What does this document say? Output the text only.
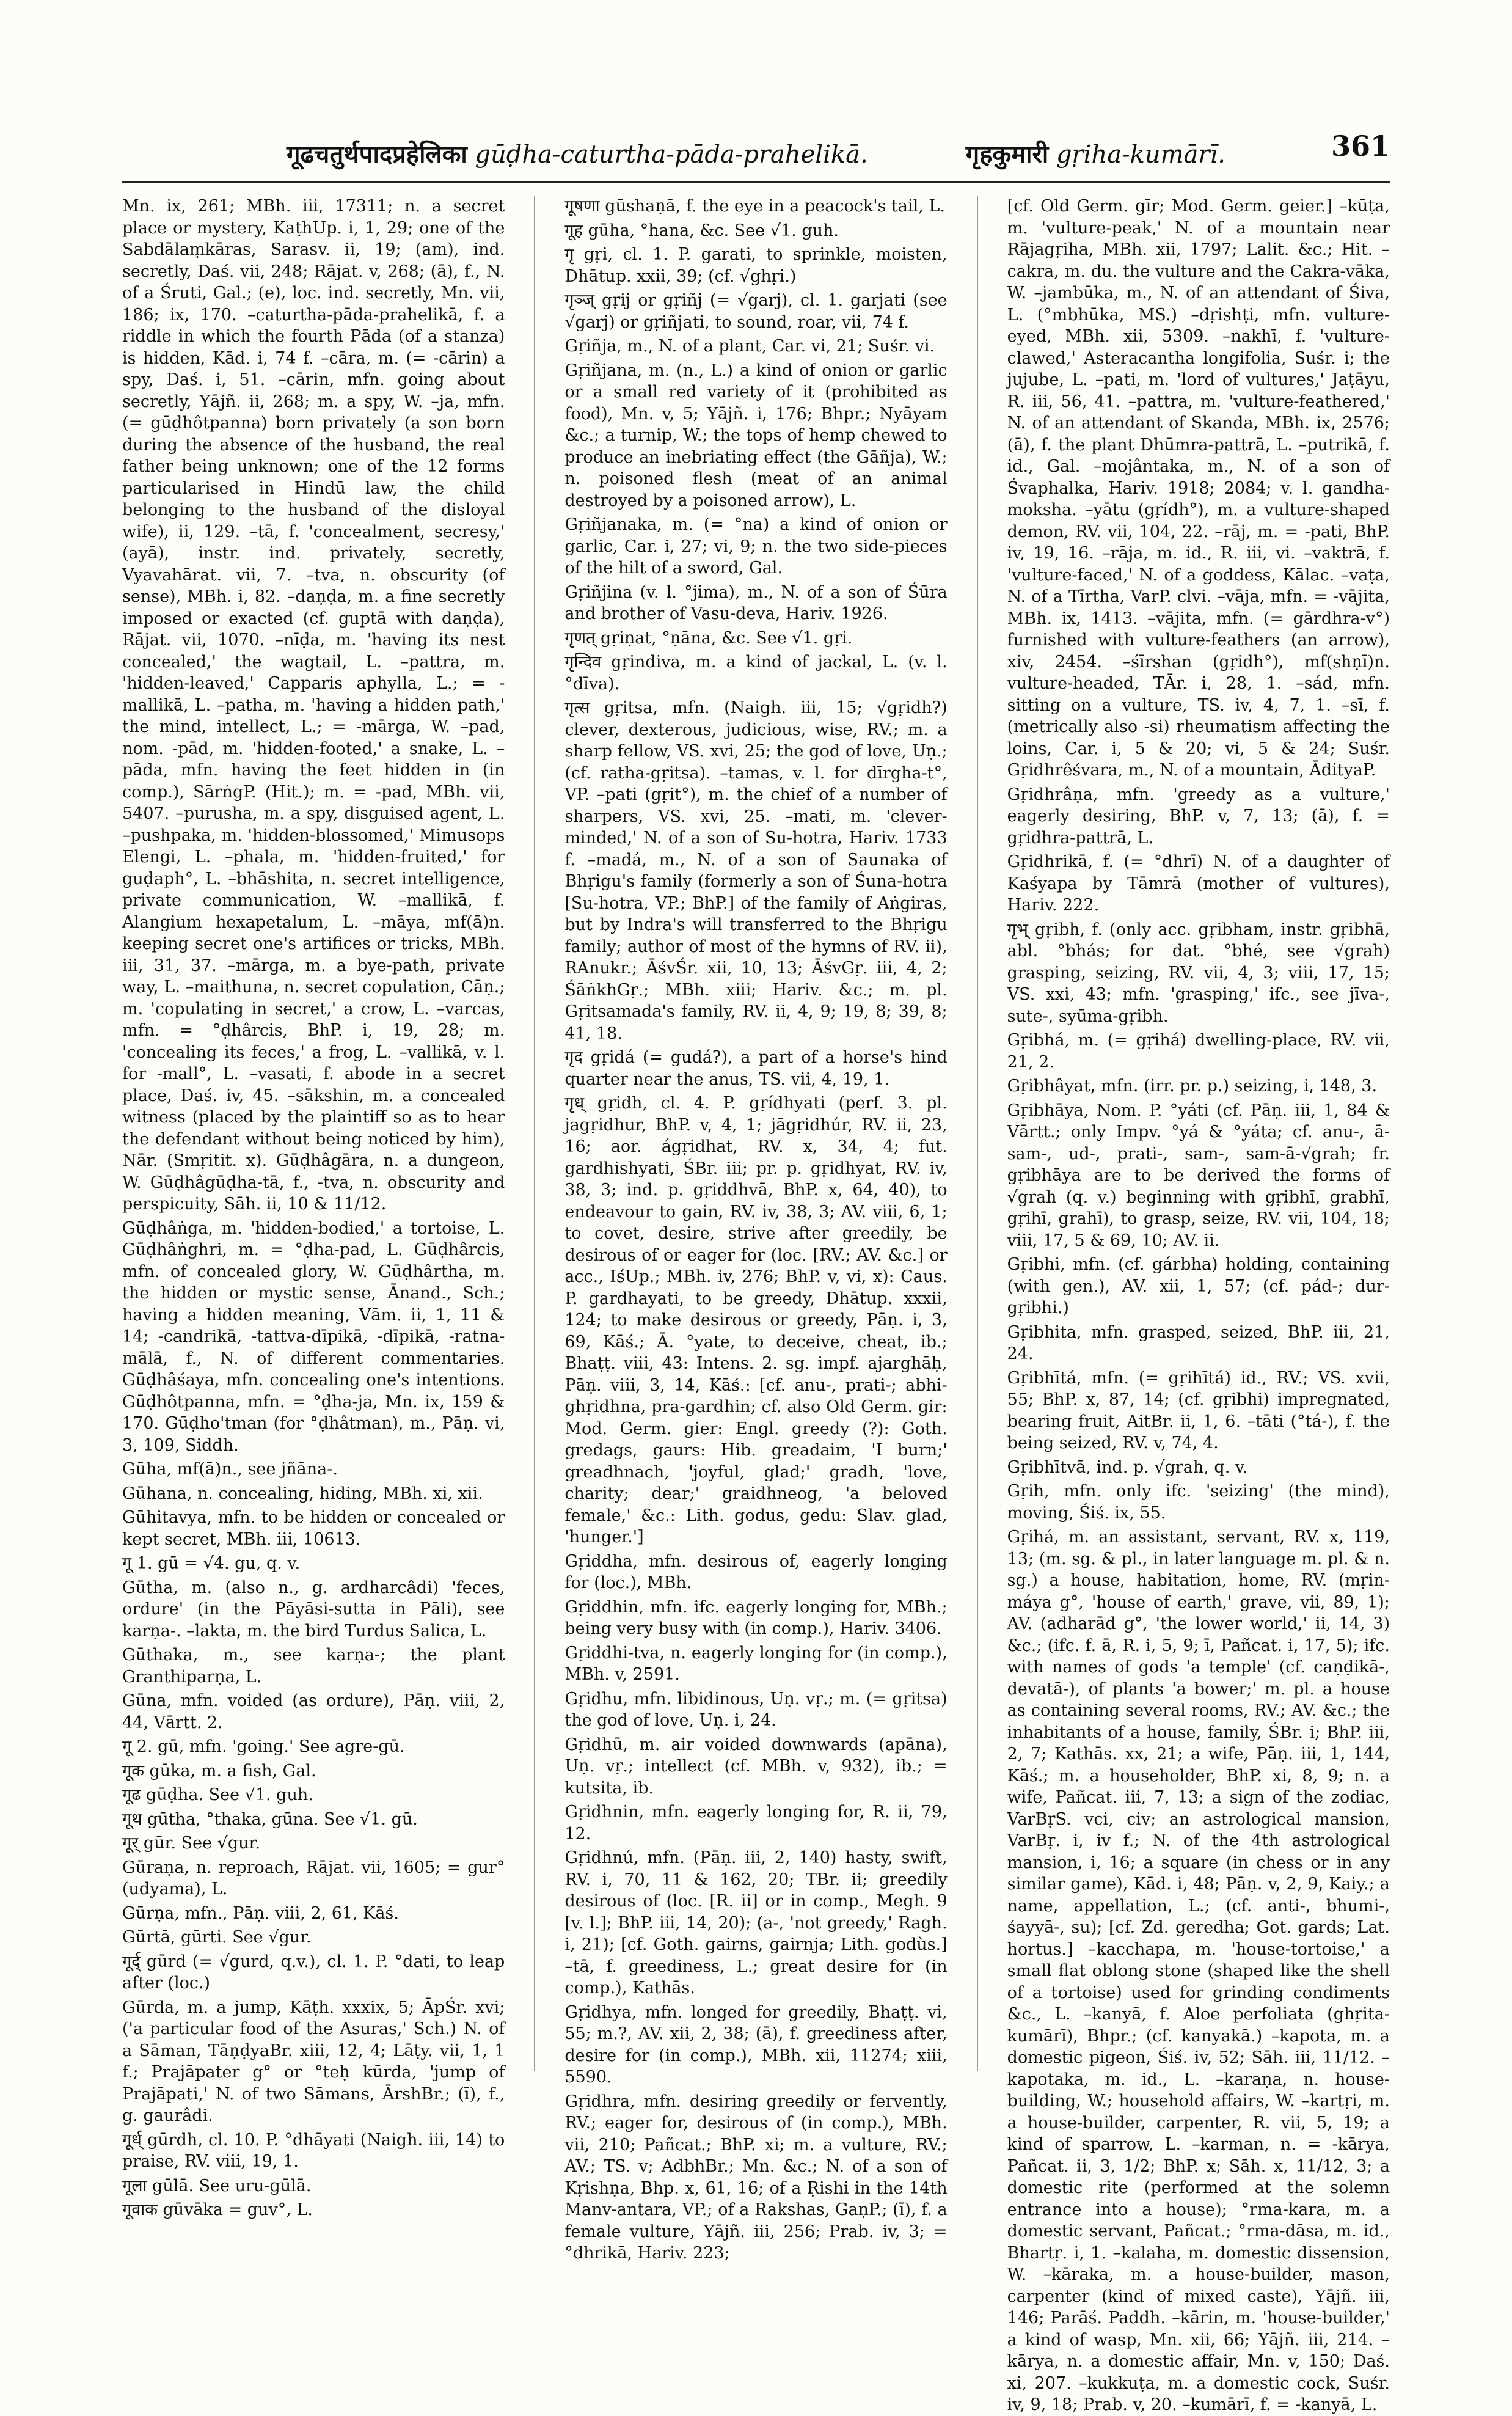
गूढचतुर्थपादप्रहेलिका gūḍha-caturtha-pāda-prahelikā.	गृहकुमारी gṛiha-kumārī.	361

Mn. ix, 261; MBh. iii, 17311; n. a secret place or mystery, KaṭhUp. i, 1, 29; one of the Sabdālaṃkāras, Sarasv. ii, 19; (am), ind. secretly, Daś. vii, 248; Rājat. v, 268; (ā), f., N. of a Śruti, Gal.; (e), loc. ind. secretly, Mn. vii, 186; ix, 170. –caturtha-pāda-prahelikā, f. a riddle in which the fourth Pāda (of a stanza) is hidden, Kād. i, 74 f. –cāra, m. (= -cārin) a spy, Daś. i, 51. –cārin, mfn. going about secretly, Yājñ. ii, 268; m. a spy, W. –ja, mfn. (= gūḍhôtpanna) born privately (a son born during the absence of the husband, the real father being unknown; one of the 12 forms particularised in Hindū law, the child belonging to the husband of the disloyal wife), ii, 129. –tā, f. 'concealment, secresy,' (ayā), instr. ind. privately, secretly, Vyavahārat. vii, 7. –tva, n. obscurity (of sense), MBh. i, 82. –daṇḍa, m. a fine secretly imposed or exacted (cf. guptā with daṇḍa), Rājat. vii, 1070. –nīḍa, m. 'having its nest concealed,' the wagtail, L. –pattra, m. 'hidden-leaved,' Capparis aphylla, L.; = -mallikā, L. –patha, m. 'having a hidden path,' the mind, intellect, L.; = -mārga, W. –pad, nom. -pād, m. 'hidden-footed,' a snake, L. –pāda, mfn. having the feet hidden in (in comp.), SārṅgP. (Hit.); m. = -pad, MBh. vii, 5407. –purusha, m. a spy, disguised agent, L. –pushpaka, m. 'hidden-blossomed,' Mimusops Elengi, L. –phala, m. 'hidden-fruited,' for guḍaph°, L. –bhāshita, n. secret intelligence, private communication, W. –mallikā, f. Alangium hexapetalum, L. –māya, mf(ā)n. keeping secret one's artifices or tricks, MBh. iii, 31, 37. –mārga, m. a bye-path, private way, L. –maithuna, n. secret copulation, Cāṇ.; m. 'copulating in secret,' a crow, L. –varcas, mfn. = °ḍhârcis, BhP. i, 19, 28; m. 'concealing its feces,' a frog, L. –vallikā, v. l. for -mall°, L. –vasati, f. abode in a secret place, Daś. iv, 45. –sākshin, m. a concealed witness (placed by the plaintiff so as to hear the defendant without being noticed by him), Nār. (Smṛitit. x). Gūḍhâgāra, n. a dungeon, W. Gūḍhâgūḍha-tā, f., -tva, n. obscurity and perspicuity, Sāh. ii, 10 & 11/12.

Gūḍhâṅga, m. 'hidden-bodied,' a tortoise, L. Gūḍhâṅghri, m. = °ḍha-pad, L. Gūḍhârcis, mfn. of concealed glory, W. Gūḍhârtha, m. the hidden or mystic sense, Ānand., Sch.; having a hidden meaning, Vām. ii, 1, 11 & 14; -candrikā, -tattva-dīpikā, -dīpikā, -ratna-mālā, f., N. of different commentaries. Gūḍhâśaya, mfn. concealing one's intentions. Gūḍhôtpanna, mfn. = °ḍha-ja, Mn. ix, 159 & 170. Gūḍho'tman (for °ḍhâtman), m., Pāṇ. vi, 3, 109, Siddh.

Gūha, mf(ā)n., see jñāna-.

Gūhana, n. concealing, hiding, MBh. xi, xii.

Gūhitavya, mfn. to be hidden or concealed or kept secret, MBh. iii, 10613.

गू 1. gū = √4. gu, q. v.

Gūtha, m. (also n., g. ardharcâdi) 'feces, ordure' (in the Pāyāsi-sutta in Pāli), see karṇa-. –lakta, m. the bird Turdus Salica, L.

Gūthaka, m., see karṇa-; the plant Granthiparṇa, L.

Gūna, mfn. voided (as ordure), Pāṇ. viii, 2, 44, Vārtt. 2.

गू 2. gū, mfn. 'going.' See agre-gū.

गूक gūka, m. a fish, Gal.

गूढ gūḍha. See √1. guh.

गूथ gūtha, °thaka, gūna. See √1. gū.

गूर् gūr. See √gur.

Gūraṇa, n. reproach, Rājat. vii, 1605; = gur° (udyama), L.

Gūrṇa, mfn., Pāṇ. viii, 2, 61, Kāś.

Gūrtā, gūrti. See √gur.

गूर्द् gūrd (= √gurd, q.v.), cl. 1. P. °dati, to leap after (loc.)

Gūrda, m. a jump, Kāṭh. xxxix, 5; ĀpŚr. xvi; ('a particular food of the Asuras,' Sch.) N. of a Sāman, TāṇḍyaBr. xiii, 12, 4; Lāṭy. vii, 1, 1 f.; Prajāpater g° or °teḥ kūrda, 'jump of Prajāpati,' N. of two Sāmans, ĀrshBr.; (ī), f., g. gaurâdi.

गूर्ध् gūrdh, cl. 10. P. °dhāyati (Naigh. iii, 14) to praise, RV. viii, 19, 1.

गूला gūlā. See uru-gūlā.

गूवाक gūvāka = guv°, L.

गूषणा gūshaṇā, f. the eye in a peacock's tail, L.

गूह gūha, °hana, &c. See √1. guh.

गृ gṛi, cl. 1. P. garati, to sprinkle, moisten, Dhātup. xxii, 39; (cf. √ghṛi.)

गृञ्ज् gṛij or gṛiñj (= √garj), cl. 1. garjati (see √garj) or gṛiñjati, to sound, roar, vii, 74 f.

Gṛiñja, m., N. of a plant, Car. vi, 21; Suśr. vi.

Gṛiñjana, m. (n., L.) a kind of onion or garlic or a small red variety of it (prohibited as food), Mn. v, 5; Yājñ. i, 176; Bhpr.; Nyāyam &c.; a turnip, W.; the tops of hemp chewed to produce an inebriating effect (the Gāñja), W.; n. poisoned flesh (meat of an animal destroyed by a poisoned arrow), L.

Gṛiñjanaka, m. (= °na) a kind of onion or garlic, Car. i, 27; vi, 9; n. the two side-pieces of the hilt of a sword, Gal.

Gṛiñjina (v. l. °jima), m., N. of a son of Śūra and brother of Vasu-deva, Hariv. 1926.

गृणत् gṛiṇat, °ṇāna, &c. See √1. gṛi.

गृन्दिव gṛindiva, m. a kind of jackal, L. (v. l. °dīva).

गृत्स gṛitsa, mfn. (Naigh. iii, 15; √gṛidh?) clever, dexterous, judicious, wise, RV.; m. a sharp fellow, VS. xvi, 25; the god of love, Uṇ.; (cf. ratha-gṛitsa). –tamas, v. l. for dīrgha-t°, VP. –pati (gṛit°), m. the chief of a number of sharpers, VS. xvi, 25. –mati, m. 'clever-minded,' N. of a son of Su-hotra, Hariv. 1733 f. –madá, m., N. of a son of Saunaka of Bhṛigu's family (formerly a son of Śuna-hotra [Su-hotra, VP.; BhP.] of the family of Aṅgiras, but by Indra's will transferred to the Bhṛigu family; author of most of the hymns of RV. ii), RAnukr.; ĀśvŚr. xii, 10, 13; ĀśvGṛ. iii, 4, 2; ŚāṅkhGṛ.; MBh. xiii; Hariv. &c.; m. pl. Gṛitsamada's family, RV. ii, 4, 9; 19, 8; 39, 8; 41, 18.

गृद gṛidá (= gudá?), a part of a horse's hind quarter near the anus, TS. vii, 4, 19, 1.

गृध् gṛidh, cl. 4. P. gṛídhyati (perf. 3. pl. jagṛidhur, BhP. v, 4, 1; jāgṛidhúr, RV. ii, 23, 16; aor. ágṛidhat, RV. x, 34, 4; fut. gardhishyati, ŚBr. iii; pr. p. gṛidhyat, RV. iv, 38, 3; ind. p. gṛiddhvā, BhP. x, 64, 40), to endeavour to gain, RV. iv, 38, 3; AV. viii, 6, 1; to covet, desire, strive after greedily, be desirous of or eager for (loc. [RV.; AV. &c.] or acc., IśUp.; MBh. iv, 276; BhP. v, vi, x): Caus. P. gardhayati, to be greedy, Dhātup. xxxii, 124; to make desirous or greedy, Pāṇ. i, 3, 69, Kāś.; Ā. °yate, to deceive, cheat, ib.; Bhaṭṭ. viii, 43: Intens. 2. sg. impf. ajarghāḥ, Pāṇ. viii, 3, 14, Kāś.: [cf. anu-, prati-; abhi-ghṛidhna, pra-gardhin; cf. also Old Germ. gir: Mod. Germ. gier: Engl. greedy (?): Goth. gredags, gaurs: Hib. greadaim, 'I burn;' greadhnach, 'joyful, glad;' gradh, 'love, charity; dear;' graidhneog, 'a beloved female,' &c.: Lith. godus, gedu: Slav. glad, 'hunger.']

Gṛiddha, mfn. desirous of, eagerly longing for (loc.), MBh.

Gṛiddhin, mfn. ifc. eagerly longing for, MBh.; being very busy with (in comp.), Hariv. 3406.

Gṛiddhi-tva, n. eagerly longing for (in comp.), MBh. v, 2591.

Gṛidhu, mfn. libidinous, Uṇ. vṛ.; m. (= gṛitsa) the god of love, Uṇ. i, 24.

Gṛidhū, m. air voided downwards (apāna), Uṇ. vṛ.; intellect (cf. MBh. v, 932), ib.; = kutsita, ib.

Gṛidhnin, mfn. eagerly longing for, R. ii, 79, 12.

Gṛidhnú, mfn. (Pāṇ. iii, 2, 140) hasty, swift, RV. i, 70, 11 & 162, 20; TBr. ii; greedily desirous of (loc. [R. ii] or in comp., Megh. 9 [v. l.]; BhP. iii, 14, 20); (a-, 'not greedy,' Ragh. i, 21); [cf. Goth. gairns, gairnja; Lith. godùs.] –tā, f. greediness, L.; great desire for (in comp.), Kathās.

Gṛidhya, mfn. longed for greedily, Bhaṭṭ. vi, 55; m.?, AV. xii, 2, 38; (ā), f. greediness after, desire for (in comp.), MBh. xii, 11274; xiii, 5590.

Gṛidhra, mfn. desiring greedily or fervently, RV.; eager for, desirous of (in comp.), MBh. vii, 210; Pañcat.; BhP. xi; m. a vulture, RV.; AV.; TS. v; AdbhBr.; Mn. &c.; N. of a son of Kṛishṇa, Bhp. x, 61, 16; of a Ṛishi in the 14th Manv-antara, VP.; of a Rakshas, GaṇP.; (ī), f. a female vulture, Yājñ. iii, 256; Prab. iv, 3; = °dhrikā, Hariv. 223;

[cf. Old Germ. gīr; Mod. Germ. geier.] –kūṭa, m. 'vulture-peak,' N. of a mountain near Rājagṛiha, MBh. xii, 1797; Lalit. &c.; Hit. –cakra, m. du. the vulture and the Cakra-vāka, W. –jambūka, m., N. of an attendant of Śiva, L. (°mbhūka, MS.) –dṛishṭi, mfn. vulture-eyed, MBh. xii, 5309. –nakhī, f. 'vulture-clawed,' Asteracantha longifolia, Suśr. i; the jujube, L. –pati, m. 'lord of vultures,' Jaṭāyu, R. iii, 56, 41. –pattra, m. 'vulture-feathered,' N. of an attendant of Skanda, MBh. ix, 2576; (ā), f. the plant Dhūmra-pattrā, L. –putrikā, f. id., Gal. –mojântaka, m., N. of a son of Śvaphalka, Hariv. 1918; 2084; v. l. gandha-moksha. –yātu (gṛídh°), m. a vulture-shaped demon, RV. vii, 104, 22. –rāj, m. = -pati, BhP. iv, 19, 16. –rāja, m. id., R. iii, vi. –vaktrā, f. 'vulture-faced,' N. of a goddess, Kālac. –vaṭa, N. of a Tīrtha, VarP. clvi. –vāja, mfn. = -vājita, MBh. ix, 1413. –vājita, mfn. (= gārdhra-v°) furnished with vulture-feathers (an arrow), xiv, 2454. –śīrshan (gṛidh°), mf(shṇī)n. vulture-headed, TĀr. i, 28, 1. –sád, mfn. sitting on a vulture, TS. iv, 4, 7, 1. –sī, f. (metrically also -si) rheumatism affecting the loins, Car. i, 5 & 20; vi, 5 & 24; Suśr. Gṛidhrêśvara, m., N. of a mountain, ĀdityaP.

Gṛidhrâṇa, mfn. 'greedy as a vulture,' eagerly desiring, BhP. v, 7, 13; (ā), f. = gṛidhra-pattrā, L.

Gṛidhrikā, f. (= °dhrī) N. of a daughter of Kaśyapa by Tāmrā (mother of vultures), Hariv. 222.

गृभ् gṛibh, f. (only acc. gṛibham, instr. gṛibhā, abl. °bhás; for dat. °bhé, see √grah) grasping, seizing, RV. vii, 4, 3; viii, 17, 15; VS. xxi, 43; mfn. 'grasping,' ifc., see jīva-, sute-, syūma-gṛibh.

Gṛibhá, m. (= gṛihá) dwelling-place, RV. vii, 21, 2.

Gṛibhâyat, mfn. (irr. pr. p.) seizing, i, 148, 3.

Gṛibhāya, Nom. P. °yáti (cf. Pāṇ. iii, 1, 84 & Vārtt.; only Impv. °yá & °yáta; cf. anu-, ā-sam-, ud-, prati-, sam-, sam-ā-√grah; fr. gṛibhāya are to be derived the forms of √grah (q. v.) beginning with gṛibhī, grabhī, gṛihī, grahī), to grasp, seize, RV. vii, 104, 18; viii, 17, 5 & 69, 10; AV. ii.

Gṛibhi, mfn. (cf. gárbha) holding, containing (with gen.), AV. xii, 1, 57; (cf. pád-; dur-gṛibhi.)

Gṛibhita, mfn. grasped, seized, BhP. iii, 21, 24.

Gṛibhītá, mfn. (= gṛihītá) id., RV.; VS. xvii, 55; BhP. x, 87, 14; (cf. gṛibhi) impregnated, bearing fruit, AitBr. ii, 1, 6. –tāti (°tá-), f. the being seized, RV. v, 74, 4.

Gṛibhītvā, ind. p. √grah, q. v.

Gṛih, mfn. only ifc. 'seizing' (the mind), moving, Śiś. ix, 55.

Gṛihá, m. an assistant, servant, RV. x, 119, 13; (m. sg. & pl., in later language m. pl. & n. sg.) a house, habitation, home, RV. (mṛin-máya g°, 'house of earth,' grave, vii, 89, 1); AV. (adharād g°, 'the lower world,' ii, 14, 3) &c.; (ifc. f. ā, R. i, 5, 9; ī, Pañcat. i, 17, 5); ifc. with names of gods 'a temple' (cf. caṇḍikā-, devatā-), of plants 'a bower;' m. pl. a house as containing several rooms, RV.; AV. &c.; the inhabitants of a house, family, ŚBr. i; BhP. iii, 2, 7; Kathās. xx, 21; a wife, Pāṇ. iii, 1, 144, Kāś.; m. a householder, BhP. xi, 8, 9; n. a wife, Pañcat. iii, 7, 13; a sign of the zodiac, VarBṛS. vci, civ; an astrological mansion, VarBṛ. i, iv f.; N. of the 4th astrological mansion, i, 16; a square (in chess or in any similar game), Kād. i, 48; Pāṇ. v, 2, 9, Kaiy.; a name, appellation, L.; (cf. anti-, bhumi-, śayyā-, su); [cf. Zd. geredha; Got. gards; Lat. hortus.] –kacchapa, m. 'house-tortoise,' a small flat oblong stone (shaped like the shell of a tortoise) used for grinding condiments &c., L. –kanyā, f. Aloe perfoliata (ghṛita-kumārī), Bhpr.; (cf. kanyakā.) –kapota, m. a domestic pigeon, Śiś. iv, 52; Sāh. iii, 11/12. –kapotaka, m. id., L. –karaṇa, n. house-building, W.; household affairs, W. –kartṛi, m. a house-builder, carpenter, R. vii, 5, 19; a kind of sparrow, L. –karman, n. = -kārya, Pañcat. ii, 3, 1/2; BhP. x; Sāh. x, 11/12, 3; a domestic rite (performed at the solemn entrance into a house); °rma-kara, m. a domestic servant, Pañcat.; °rma-dāsa, m. id., Bhartṛ. i, 1. –kalaha, m. domestic dissension, W. –kāraka, m. a house-builder, mason, carpenter (kind of mixed caste), Yājñ. iii, 146; Parāś. Paddh. –kārin, m. 'house-builder,' a kind of wasp, Mn. xii, 66; Yājñ. iii, 214. –kārya, n. a domestic affair, Mn. v, 150; Daś. xi, 207. –kukkuṭa, m. a domestic cock, Suśr. iv, 9, 18; Prab. v, 20. –kumārī, f. = -kanyā, L.
